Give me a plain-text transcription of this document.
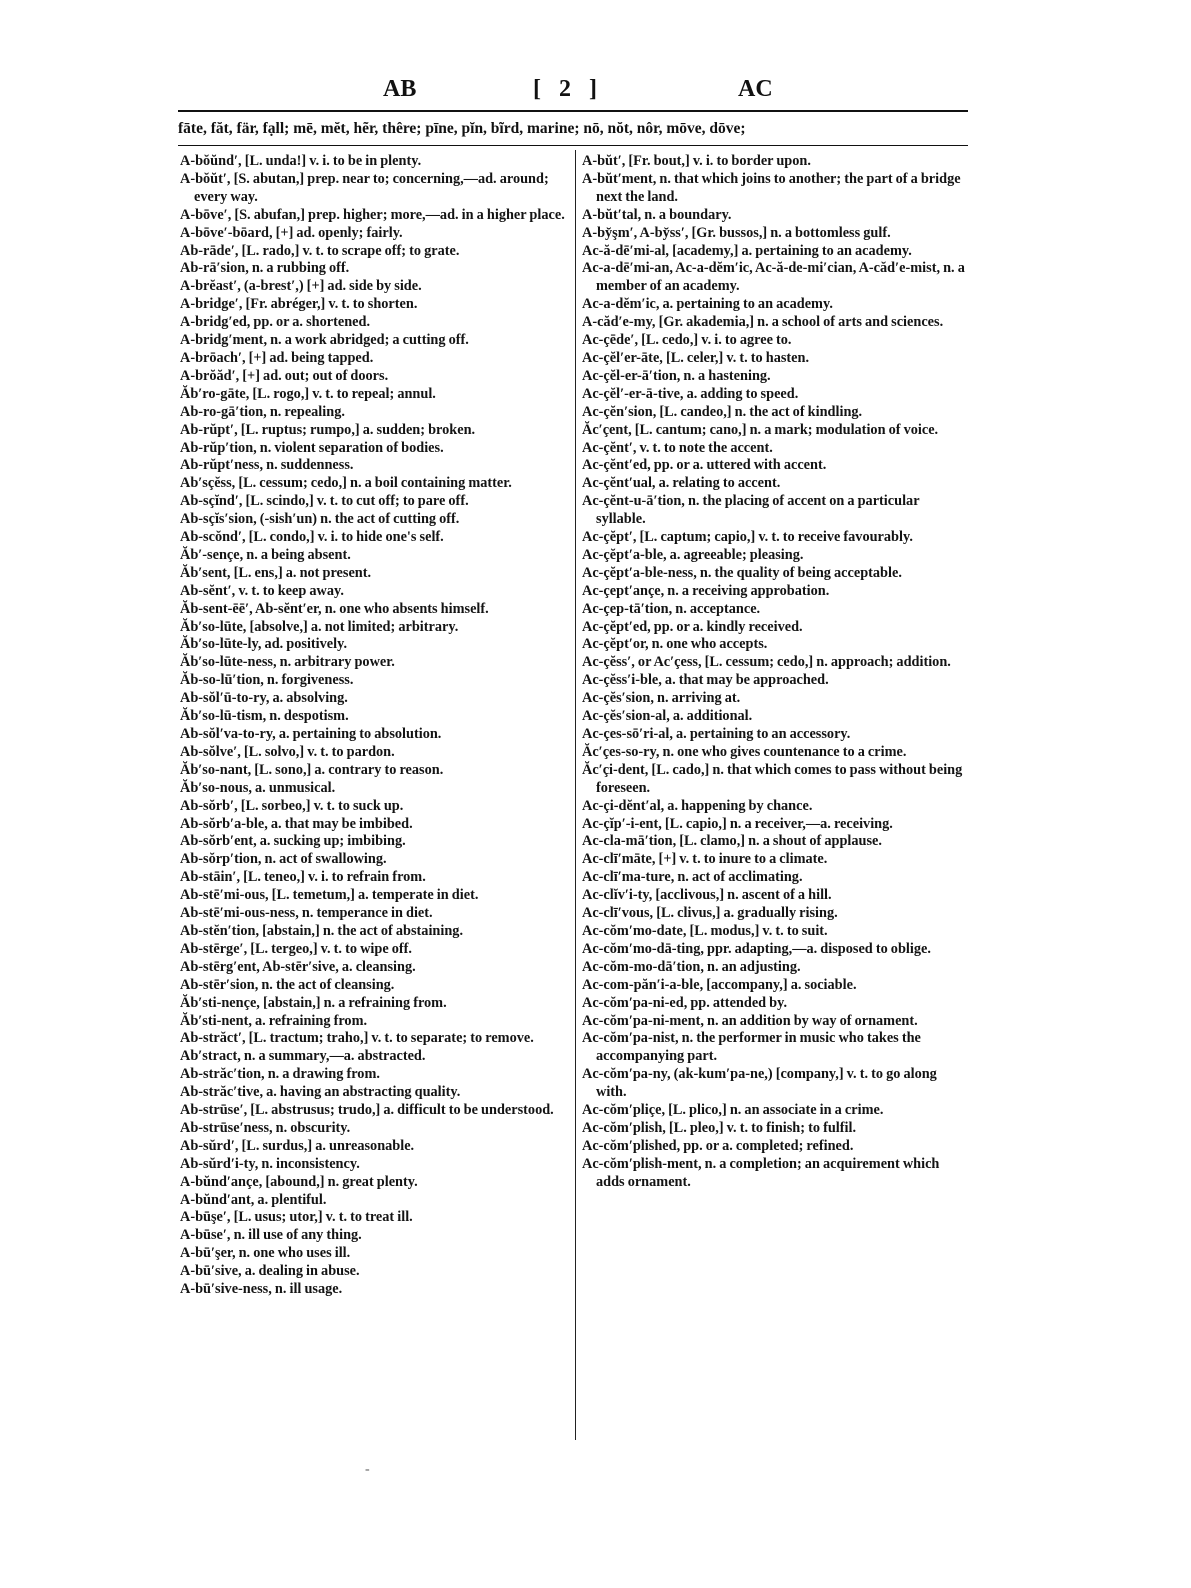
AB	[ 2 ]	AC
fāte, făt, fär, fạll; mē, mĕt, hẽr, thêre; pīne, pĭn, bĩrd, marine; nō, nŏt, nôr, mōve, dōve;

A-bŏŭnd′, [L. unda!] v. i. to be in plenty.

A-bŏŭt′, [S. abutan,] prep. near to; concerning,—ad. around; every way.

A-bōve′, [S. abufan,] prep. higher; more,—ad. in a higher place.

A-bōve′-bōard, [+] ad. openly; fairly.

Ab-rāde′, [L. rado,] v. t. to scrape off; to grate.

Ab-rā′sion, n. a rubbing off.

A-brĕast′, (a-brest′,) [+] ad. side by side.

A-bridge′, [Fr. abréger,] v. t. to shorten.

A-bridg′ed, pp. or a. shortened.

A-bridg′ment, n. a work abridged; a cutting off.

A-brōach′, [+] ad. being tapped.

A-brŏăd′, [+] ad. out; out of doors.

Ăb′ro-gāte, [L. rogo,] v. t. to repeal; annul.

Ab-ro-gā′tion, n. repealing.

Ab-rŭpt′, [L. ruptus; rumpo,] a. sudden; broken.

Ab-rŭp′tion, n. violent separation of bodies.

Ab-rŭpt′ness, n. suddenness.

Ab′sçĕss, [L. cessum; cedo,] n. a boil containing matter.

Ab-sçĭnd′, [L. scindo,] v. t. to cut off; to pare off.

Ab-sçĭs′sion, (-sish′un) n. the act of cutting off.

Ab-scŏnd′, [L. condo,] v. i. to hide one's self.

Ăb′-sençe, n. a being absent.

Ăb′sent, [L. ens,] a. not present.

Ab-sĕnt′, v. t. to keep away.

Ăb-sent-ēē′, Ab-sĕnt′er, n. one who absents himself.

Ăb′so-lūte, [absolve,] a. not limited; arbitrary.

Ăb′so-lūte-ly, ad. positively.

Ăb′so-lūte-ness, n. arbitrary power.

Ăb-so-lū′tion, n. forgiveness.

Ab-sŏl′ū-to-ry, a. absolving.

Ăb′so-lū-tism, n. despotism.

Ab-sŏl′va-to-ry, a. pertaining to absolution.

Ab-sŏlve′, [L. solvo,] v. t. to pardon.

Ăb′so-nant, [L. sono,] a. contrary to reason.

Ăb′so-nous, a. unmusical.

Ab-sŏrb′, [L. sorbeo,] v. t. to suck up.

Ab-sŏrb′a-ble, a. that may be imbibed.

Ab-sŏrb′ent, a. sucking up; imbibing.

Ab-sŏrp′tion, n. act of swallowing.

Ab-stāin′, [L. teneo,] v. i. to refrain from.

Ab-stē′mi-ous, [L. temetum,] a. temperate in diet.

Ab-stē′mi-ous-ness, n. temperance in diet.

Ab-stĕn′tion, [abstain,] n. the act of abstaining.

Ab-stērge′, [L. tergeo,] v. t. to wipe off.

Ab-stērg′ent, Ab-stēr′sive, a. cleansing.

Ab-stēr′sion, n. the act of cleansing.

Ăb′sti-nençe, [abstain,] n. a refraining from.

Ăb′sti-nent, a. refraining from.

Ab-străct′, [L. tractum; traho,] v. t. to separate; to remove.

Ab′stract, n. a summary,—a. abstracted.

Ab-străc′tion, n. a drawing from.

Ab-străc′tive, a. having an abstracting quality.

Ab-strūse′, [L. abstrusus; trudo,] a. difficult to be understood.

Ab-strūse′ness, n. obscurity.

Ab-sŭrd′, [L. surdus,] a. unreasonable.

Ab-sŭrd′i-ty, n. inconsistency.

A-bŭnd′ançe, [abound,] n. great plenty.

A-bŭnd′ant, a. plentiful.

A-būşe′, [L. usus; utor,] v. t. to treat ill.

A-būse′, n. ill use of any thing.

A-bū′şer, n. one who uses ill.

A-bū′sive, a. dealing in abuse.

A-bū′sive-ness, n. ill usage.

A-bŭt′, [Fr. bout,] v. i. to border upon.

A-bŭt′ment, n. that which joins to another; the part of a bridge next the land.

A-bŭt′tal, n. a boundary.

A-by̆şm′, A-by̆ss′, [Gr. bussos,] n. a bottomless gulf.

Ac-ă-dē′mi-al, [academy,] a. pertaining to an academy.

Ac-a-dē′mi-an, Ac-a-dĕm′ic, Ac-ă-de-mi′cian, A-căd′e-mist, n. a member of an academy.

Ac-a-dĕm′ic, a. pertaining to an academy.

A-căd′e-my, [Gr. akademia,] n. a school of arts and sciences.

Ac-çēde′, [L. cedo,] v. i. to agree to.

Ac-çĕl′er-āte, [L. celer,] v. t. to hasten.

Ac-çĕl-er-ā′tion, n. a hastening.

Ac-çĕl′-er-ā-tive, a. adding to speed.

Ac-çĕn′sion, [L. candeo,] n. the act of kindling.

Ăc′çent, [L. cantum; cano,] n. a mark; modulation of voice.

Ac-çĕnt′, v. t. to note the accent.

Ac-çĕnt′ed, pp. or a. uttered with accent.

Ac-çĕnt′ual, a. relating to accent.

Ac-çĕnt-u-ā′tion, n. the placing of accent on a particular syllable.

Ac-çĕpt′, [L. captum; capio,] v. t. to receive favourably.

Ac-çĕpt′a-ble, a. agreeable; pleasing.

Ac-çĕpt′a-ble-ness, n. the quality of being acceptable.

Ac-çept′ançe, n. a receiving approbation.

Ac-çep-tā′tion, n. acceptance.

Ac-çĕpt′ed, pp. or a. kindly received.

Ac-çĕpt′or, n. one who accepts.

Ac-çĕss′, or Ac′çess, [L. cessum; cedo,] n. approach; addition.

Ac-çĕss′i-ble, a. that may be approached.

Ac-çĕs′sion, n. arriving at.

Ac-çĕs′sion-al, a. additional.

Ac-çes-sō′ri-al, a. pertaining to an accessory.

Ăc′çes-so-ry, n. one who gives countenance to a crime.

Ăc′çi-dent, [L. cado,] n. that which comes to pass without being foreseen.

Ac-çi-dĕnt′al, a. happening by chance.

Ac-çĭp′-i-ent, [L. capio,] n. a receiver,—a. receiving.

Ac-cla-mā′tion, [L. clamo,] n. a shout of applause.

Ac-clī′māte, [+] v. t. to inure to a climate.

Ac-clī′ma-ture, n. act of acclimating.

Ac-clĭv′i-ty, [acclivous,] n. ascent of a hill.

Ac-clī′vous, [L. clivus,] a. gradually rising.

Ac-cŏm′mo-date, [L. modus,] v. t. to suit.

Ac-cŏm′mo-dā-ting, ppr. adapting,—a. disposed to oblige.

Ac-cŏm-mo-dā′tion, n. an adjusting.

Ac-com-păn′i-a-ble, [accompany,] a. sociable.

Ac-cŏm′pa-ni-ed, pp. attended by.

Ac-cŏm′pa-ni-ment, n. an addition by way of ornament.

Ac-cŏm′pa-nist, n. the performer in music who takes the accompanying part.

Ac-cŏm′pa-ny, (ak-kum′pa-ne,) [company,] v. t. to go along with.

Ac-cŏm′pliçe, [L. plico,] n. an associate in a crime.

Ac-cŏm′plish, [L. pleo,] v. t. to finish; to fulfil.

Ac-cŏm′plished, pp. or a. completed; refined.

Ac-cŏm′plish-ment, n. a completion; an acquirement which adds ornament.

‐
